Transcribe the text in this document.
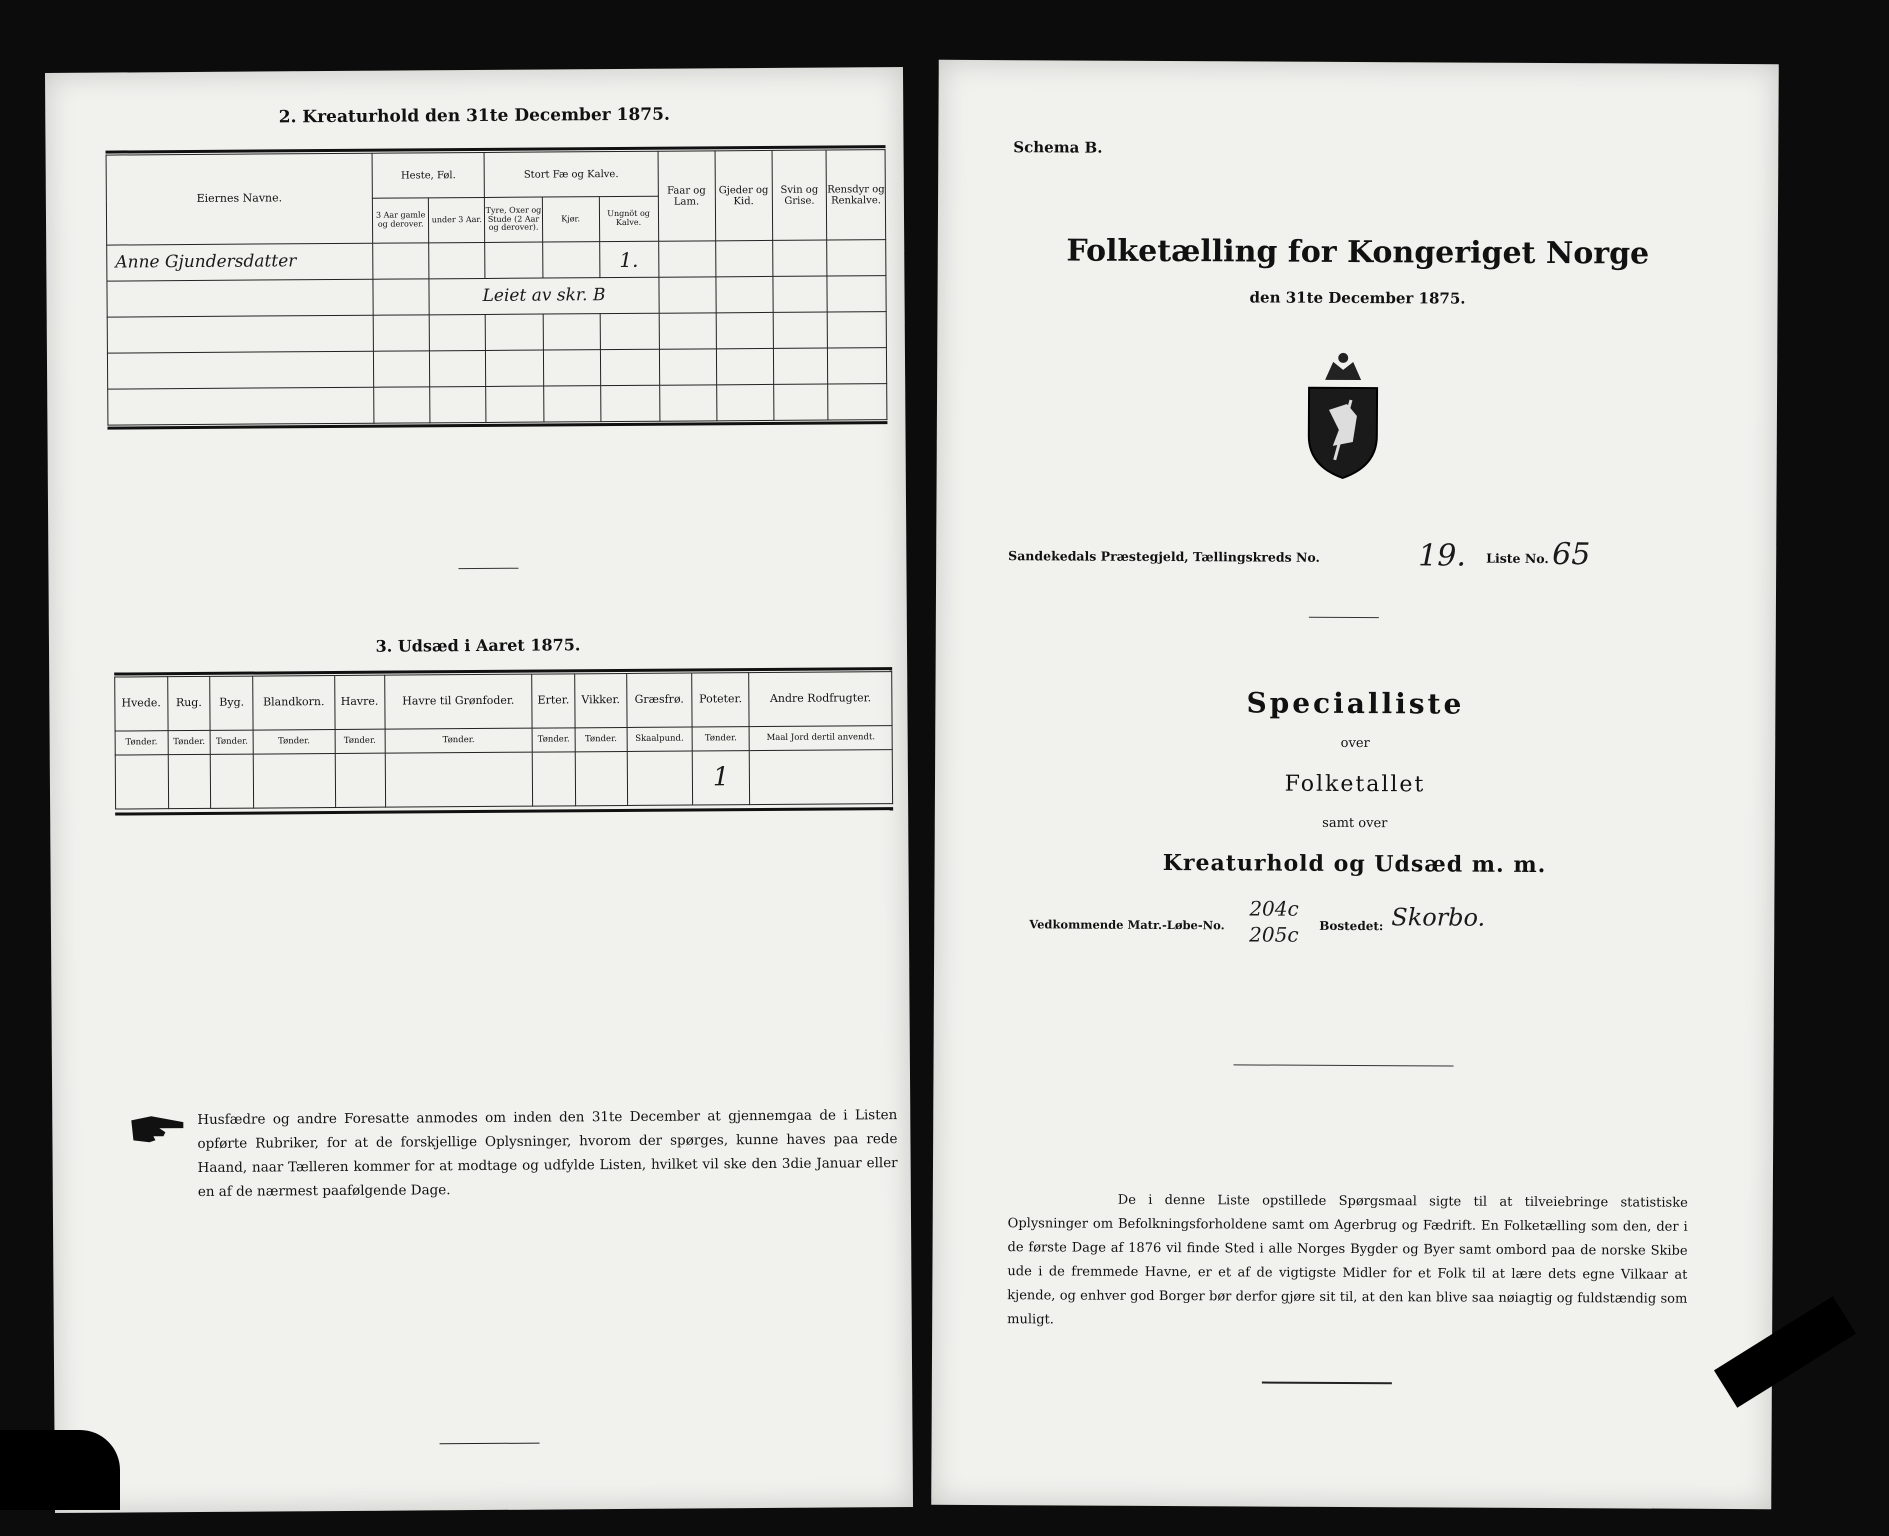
2. Kreaturhold den 31te December 1875.
Eiernes Navne.	Heste, Føl.		Stort Fæ og Kalve.			Faar og Lam.	Gjeder og Kid.	Svin og Grise.	Rensdyr og Renkalve.
	3 Aar gamle og derover.	under 3 Aar.	Tyre, Oxer og Stude (2 Aar og derover).	Kjør.	Ungnöt og Kalve.				
Anne Gjundersdatter					1.				
		Leiet av skr. B							

3. Udsæd i Aaret 1875.
Hvede.	Rug.	Byg.	Blandkorn.	Havre.	Havre til Grønfoder.	Erter.	Vikker.	Græsfrø.	Poteter.	Andre Rodfrugter.
Tønder.	Tønder.	Tønder.	Tønder.	Tønder.	Tønder.	Tønder.	Tønder.	Skaalpund.	Tønder.	Maal Jord dertil anvendt.
									1	
Husfædre og andre Foresatte anmodes om inden den 31te December at gjennemgaa de i Listen opførte Rubriker, for at de forskjellige Oplysninger, hvorom der spørges, kunne haves paa rede Haand, naar Tælleren kommer for at modtage og udfylde Listen, hvilket vil ske den 3die Januar eller en af de nærmest paafølgende Dage.
Schema B.
Folketælling for Kongeriget Norge
den 31te December 1875.
Sandekedals Præstegjeld, Tællingskreds No.	19. Liste No. 65
Specialliste
over
Folketallet
samt over
Kreaturhold og Udsæd m. m.
Vedkommende Matr.-Løbe-No.
204c
205c Bostedet: Skorbo.
De i denne Liste opstillede Spørgsmaal sigte til at tilveiebringe statistiske Oplysninger om Befolkningsforholdene samt om Agerbrug og Fædrift. En Folketælling som den, der i de første Dage af 1876 vil finde Sted i alle Norges Bygder og Byer samt ombord paa de norske Skibe ude i de fremmede Havne, er et af de vigtigste Midler for et Folk til at lære dets egne Vilkaar at kjende, og enhver god Borger bør derfor gjøre sit til, at den kan blive saa nøiagtig og fuldstændig som muligt.
